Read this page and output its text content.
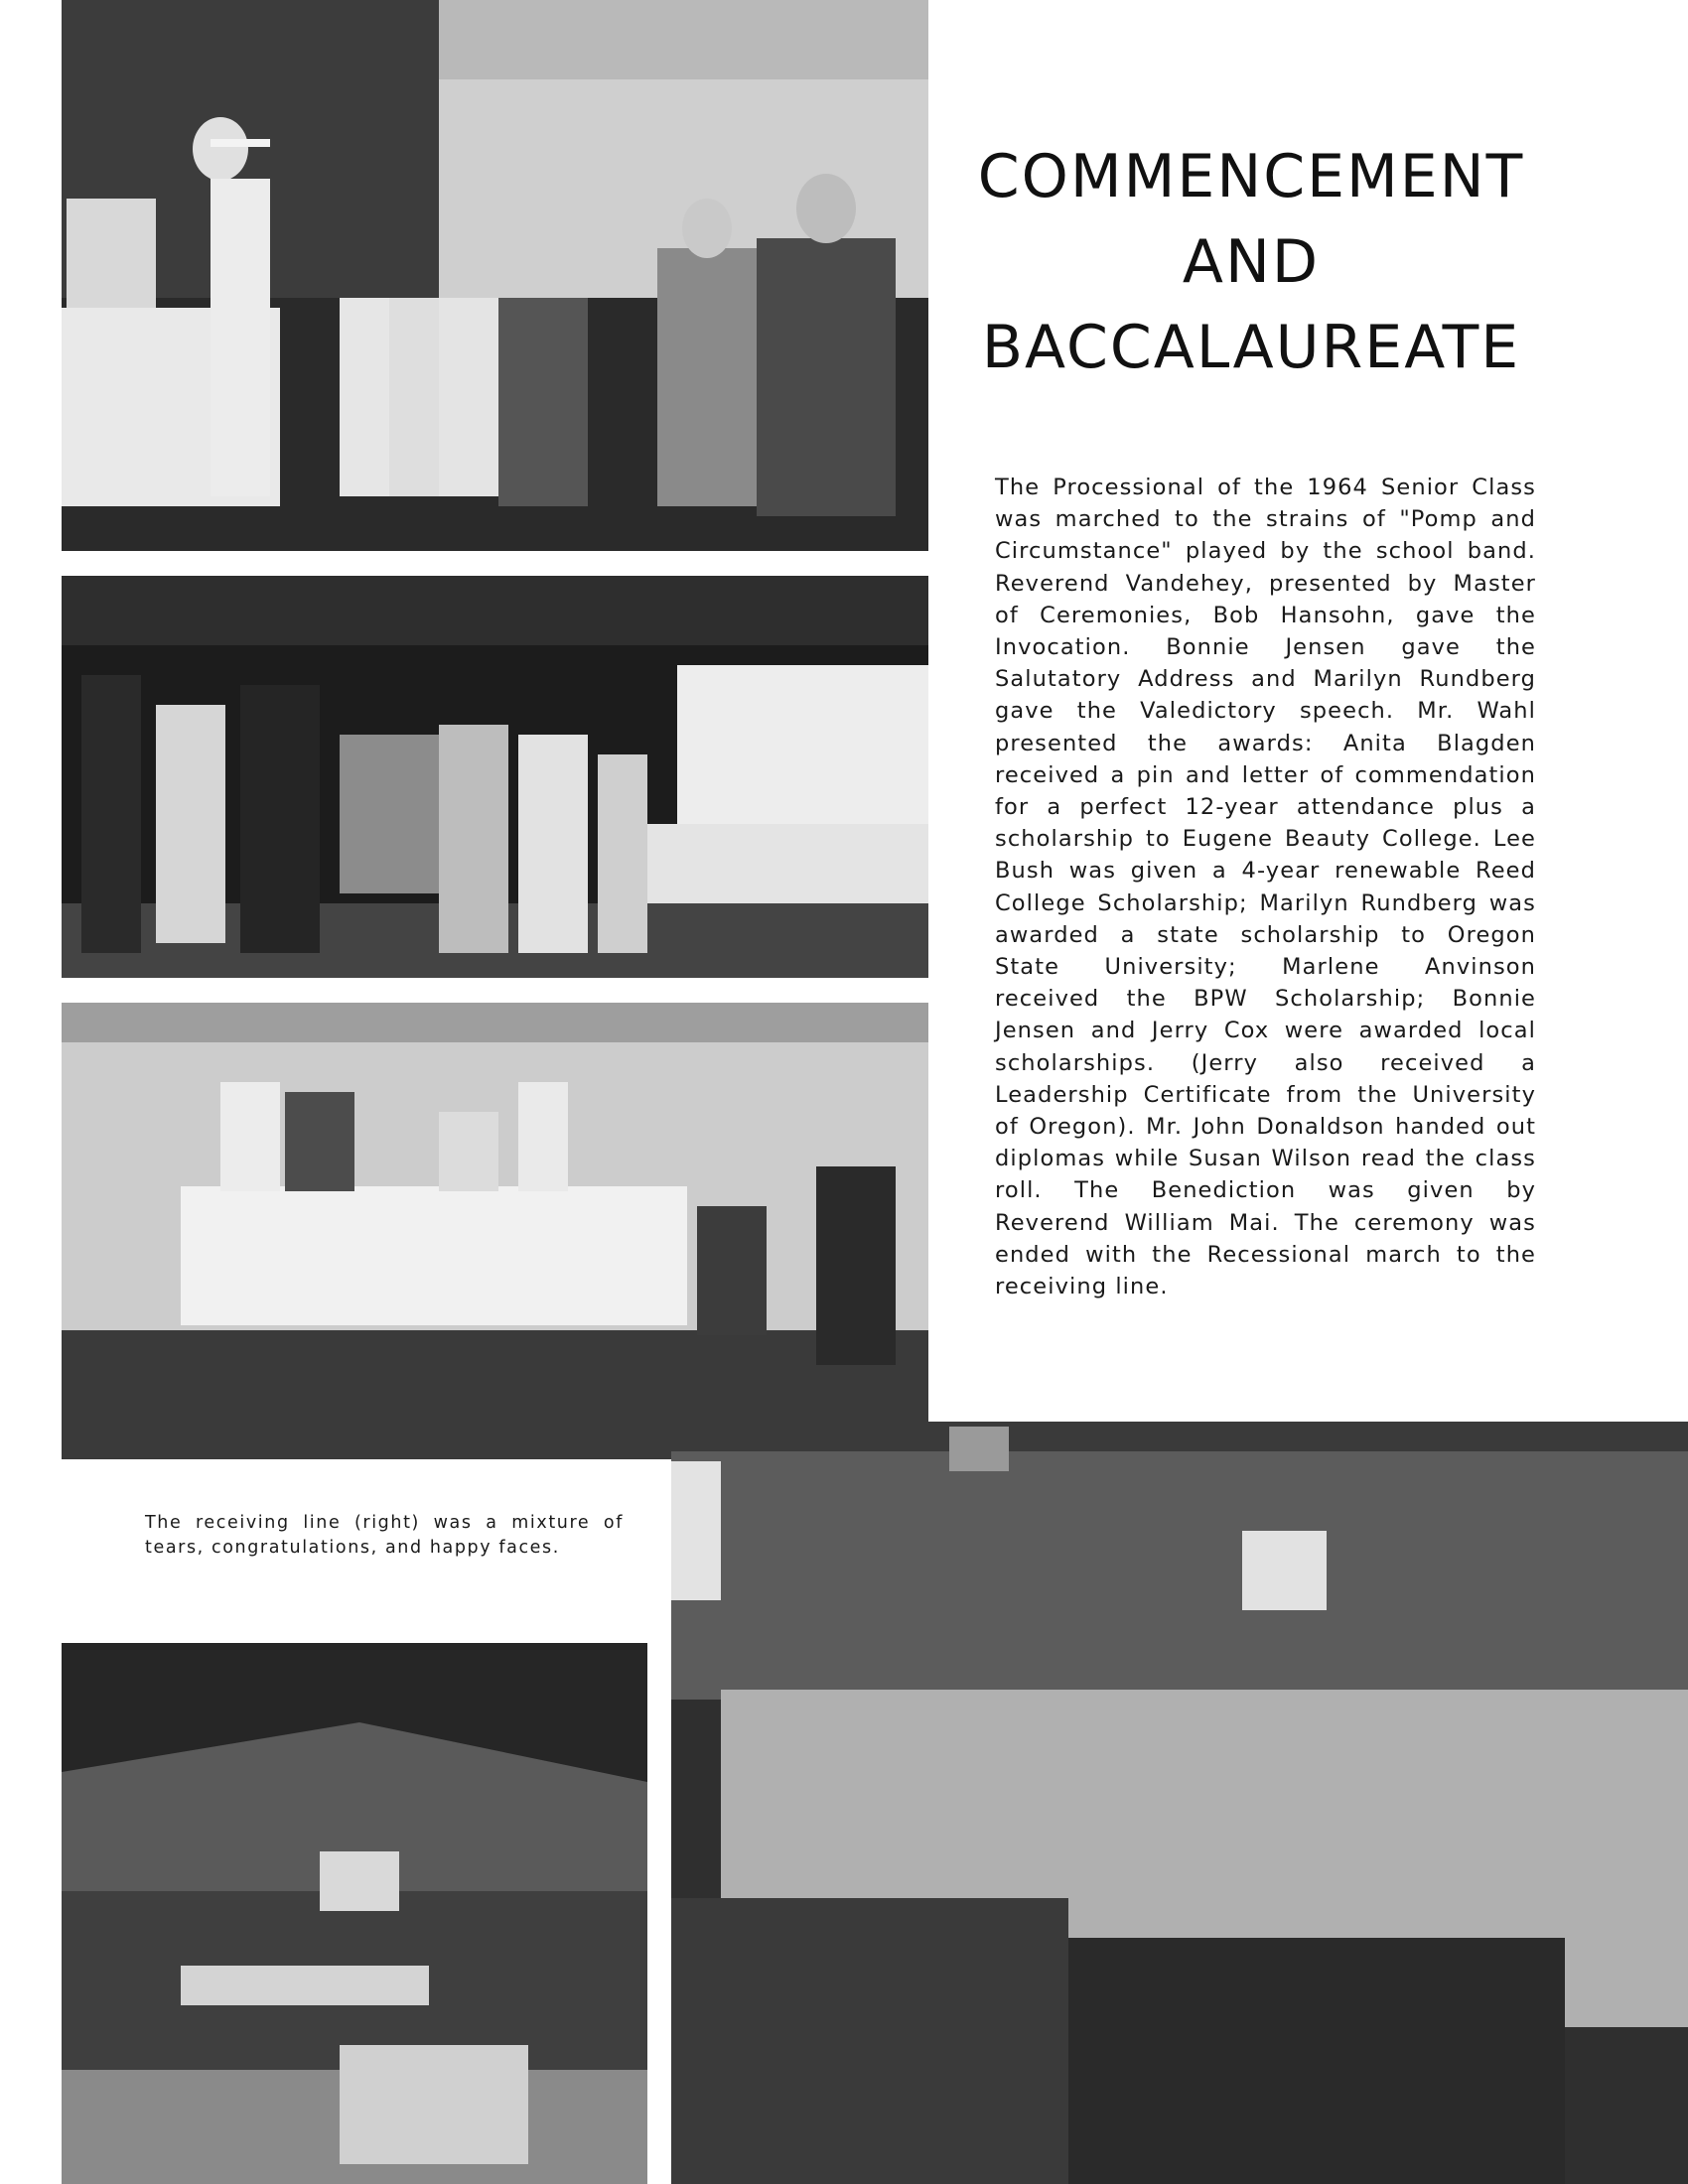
COMMENCEMENT
AND
BACCALAUREATE
The Processional of the 1964 Senior Class was marched to the strains of "Pomp and Circumstance" played by the school band. Reverend Vandehey, presented by Master of Ceremonies, Bob Hansohn, gave the Invocation. Bonnie Jensen gave the Salutatory Address and Marilyn Rundberg gave the Valedictory speech. Mr. Wahl presented the awards: Anita Blagden received a pin and letter of commendation for a perfect 12-year attendance plus a scholarship to Eugene Beauty College. Lee Bush was given a 4-year renewable Reed College Scholarship; Marilyn Rundberg was awarded a state scholarship to Oregon State University; Marlene Anvinson received the BPW Scholarship; Bonnie Jensen and Jerry Cox were awarded local scholarships. (Jerry also received a Leadership Certificate from the University of Oregon). Mr. John Donaldson handed out diplomas while Susan Wilson read the class roll. The Benediction was given by Reverend William Mai. The ceremony was ended with the Recessional march to the receiving line.
The receiving line (right) was a mixture of tears, congratulations, and happy faces.
